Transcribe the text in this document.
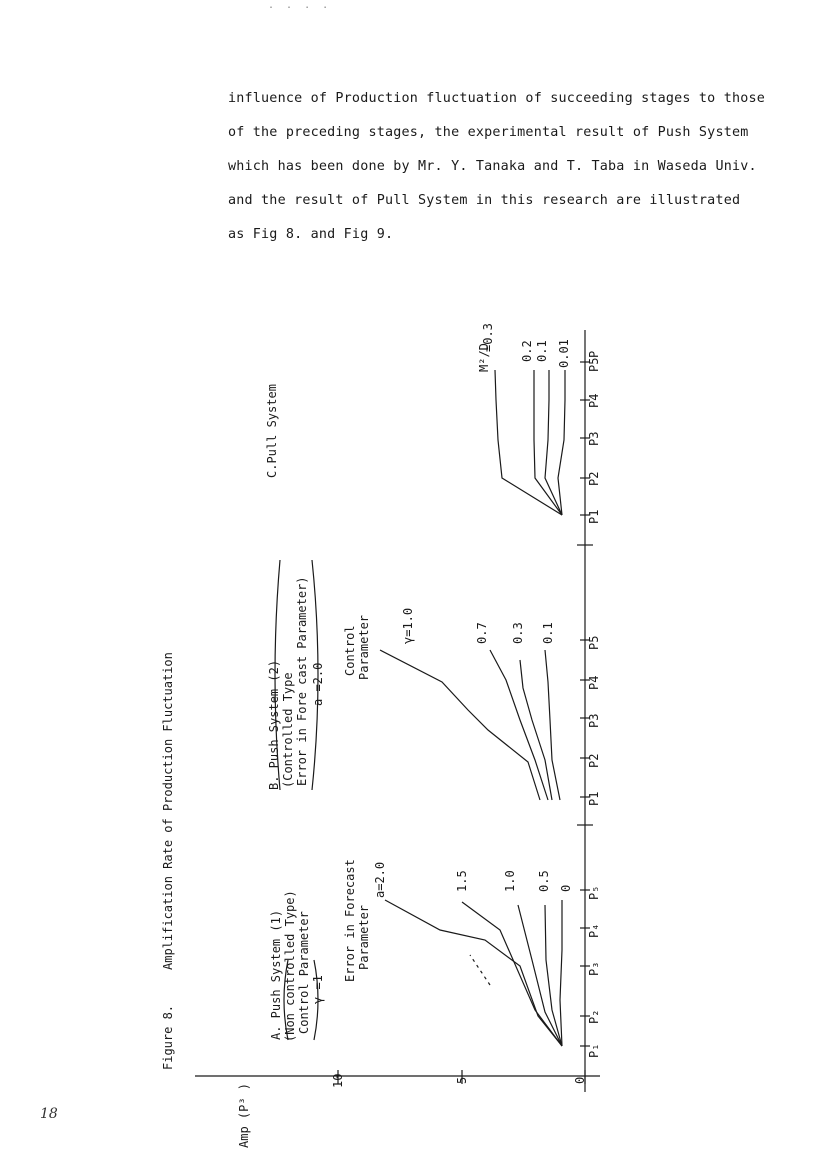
. . . .
influence of Production fluctuation of succeeding stages to those
of the preceding stages, the experimental result of Push System
which has been done by Mr. Y. Tanaka and T. Taba in Waseda Univ.
and the result of Pull System in this research are illustrated
as Fig 8. and Fig 9.
Figure 8.
Amplification Rate of Production Fluctuation
Amp (P³ )
10	5	0
A. Push System (1) (Non controlled Type) Control Parameter γ =1
Error in Forecast Parameter
a=2.0	1.5	1.0 0.5 0
P₁
P₂
P₃
P₄
P₅
B. Push System (2) (Controlled Type Error in Fore cast Parameter) a =2.0
Control Parameter	γ=1.0	0.7 0.3 0.1
P1
P2
P3
P4
P5
C.Pull System
M²/D
=0.3 0.2 0.1 0.01
P1
P2
P3
P4
P5
P
18
